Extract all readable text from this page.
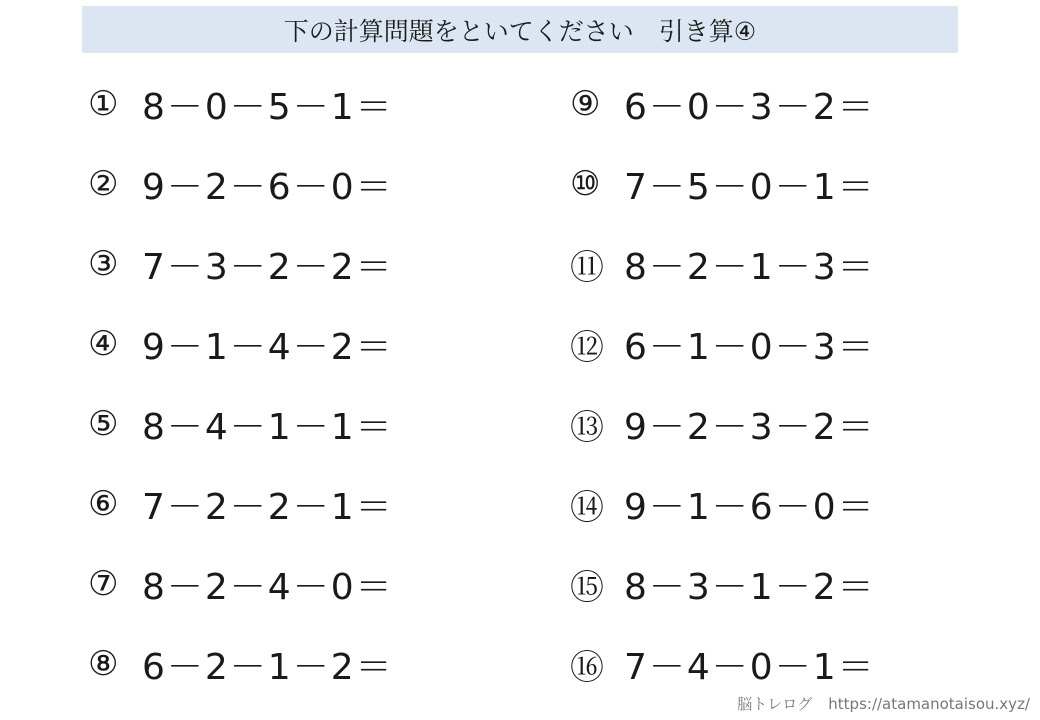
下の計算問題をといてください　引き算④
① 8－0－5－1＝
② 9－2－6－0＝
③ 7－3－2－2＝
④ 9－1－4－2＝
⑤ 8－4－1－1＝
⑥ 7－2－2－1＝
⑦ 8－2－4－0＝
⑧ 6－2－1－2＝
⑨ 6－0－3－2＝
⑩ 7－5－0－1＝
⑪ 8－2－1－3＝
⑫ 6－1－0－3＝
⑬ 9－2－3－2＝
⑭ 9－1－6－0＝
⑮ 8－3－1－2＝
⑯ 7－4－0－1＝
脳トレログ https://atamanotaisou.xyz/
